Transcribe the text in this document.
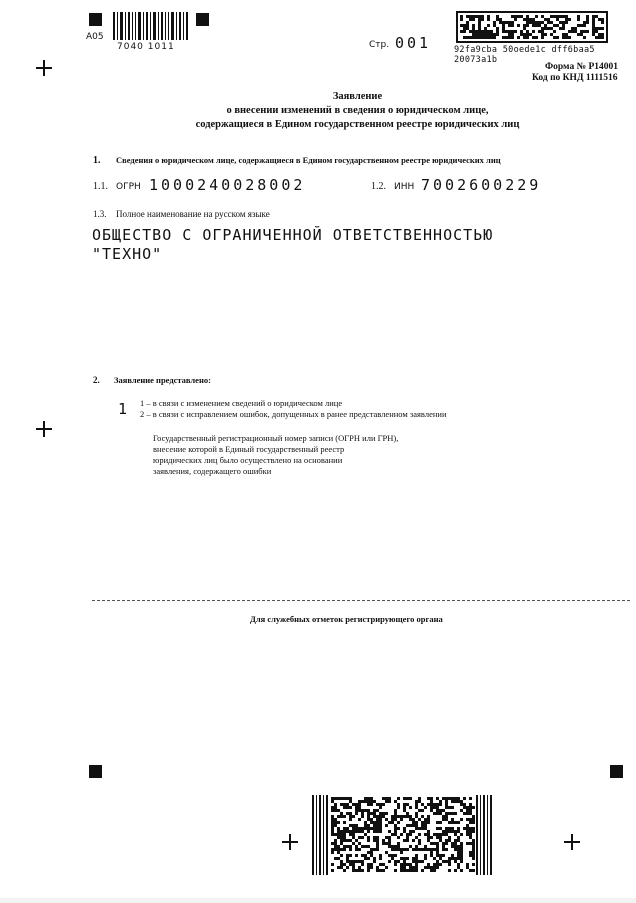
A05
7040 1011	Стр. 001	92fa9cba 50oede1c dff6baa5 20073a1b
Форма № Р14001
Код по КНД 1111516
Заявление
о внесении изменений в сведения о юридическом лице,
содержащиеся в Едином государственном реестре юридических лиц
1. Сведения о юридическом лице, содержащиеся в Едином государственном реестре юридических лиц
1.1. ОГРН 1000240028002	1.2. ИНН 7002600229
1.3. Полное наименование на русском языке
ОБЩЕСТВО С ОГРАНИЧЕННОЙ ОТВЕТСТВЕННОСТЬЮ
"ТЕХНО"
2. Заявление представлено:
1 1 – в связи с изменением сведений о юридическом лице
2 – в связи с исправлением ошибок, допущенных в ранее представленном заявлении
Государственный регистрационный номер записи (ОГРН или ГРН),
внесение которой в Единый государственный реестр
юридических лиц было осуществлено на основании
заявления, содержащего ошибки
Для служебных отметок регистрирующего органа
